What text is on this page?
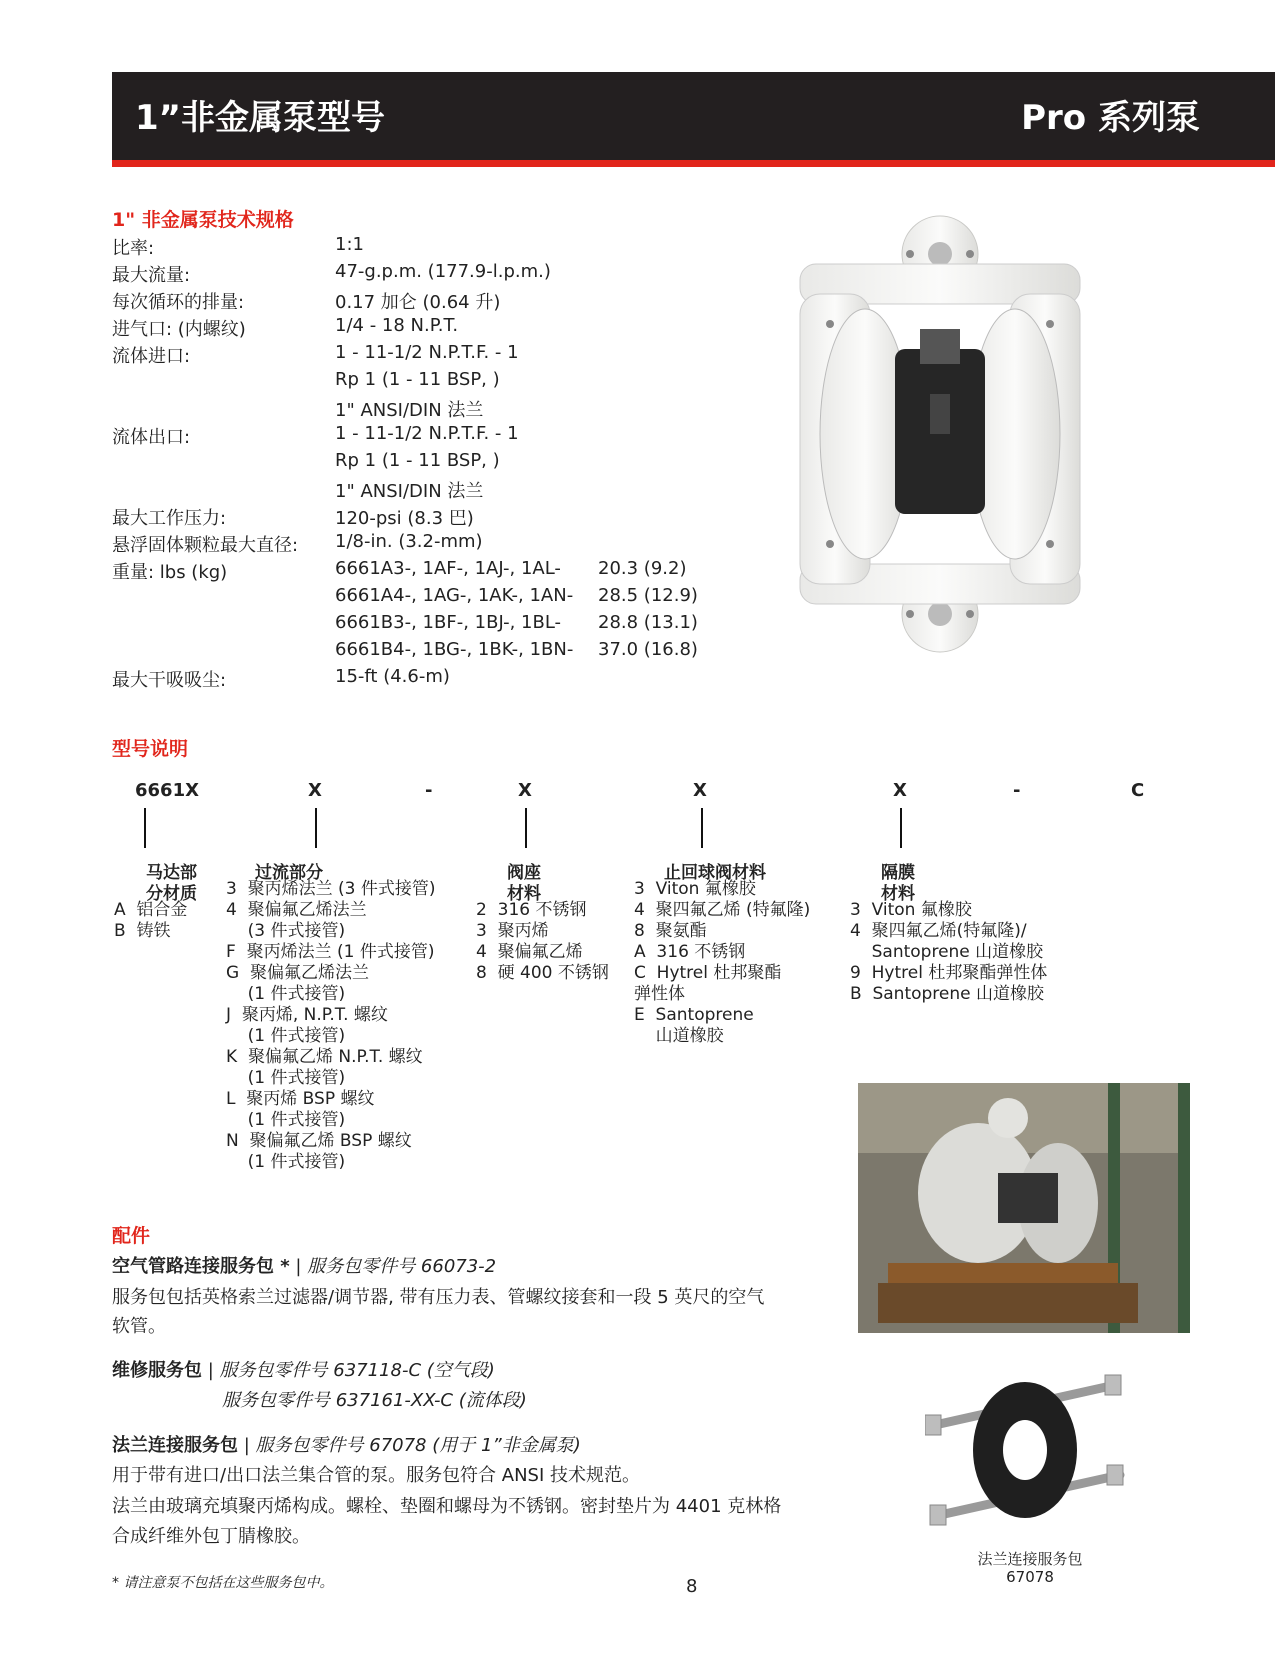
1”非金属泵型号	Pro 系列泵
1" 非金属泵技术规格
比率:	1:1
最大流量:	47-g.p.m. (177.9-l.p.m.)
每次循环的排量:	0.17 加仑 (0.64 升)
进气口: (内螺纹)	1/4 - 18 N.P.T.
流体进口:	1 - 11-1/2 N.P.T.F. - 1
Rp 1 (1 - 11 BSP, )
1" ANSI/DIN 法兰
流体出口:	1 - 11-1/2 N.P.T.F. - 1
Rp 1 (1 - 11 BSP, )
1" ANSI/DIN 法兰
最大工作压力:	120-psi (8.3 巴)
悬浮固体颗粒最大直径: 1/8-in. (3.2-mm)
重量: lbs (kg)	6661A3-, 1AF-, 1AJ-, 1AL- 20.3 (9.2)
6661A4-, 1AG-, 1AK-, 1AN- 28.5 (12.9)
6661B3-, 1BF-, 1BJ-, 1BL- 28.8 (13.1)
6661B4-, 1BG-, 1BK-, 1BN- 37.0 (16.8)
最大干吸吸尘:	15-ft (4.6-m)
型号说明
6661X	X	-	X	X	X	-	C
马达部
分材质
A  铝合金
B  铸铁
过流部分
3  聚丙烯法兰 (3 件式接管)
4  聚偏氟乙烯法兰
(3 件式接管)
F  聚丙烯法兰 (1 件式接管)
G  聚偏氟乙烯法兰
(1 件式接管)
J  聚丙烯, N.P.T. 螺纹
(1 件式接管)
K  聚偏氟乙烯 N.P.T. 螺纹
(1 件式接管)
L  聚丙烯 BSP 螺纹
(1 件式接管)
N  聚偏氟乙烯 BSP 螺纹
(1 件式接管)
阀座
材料
2  316 不锈钢
3  聚丙烯
4  聚偏氟乙烯
8  硬 400 不锈钢
止回球阀材料
3  Viton 氟橡胶
4  聚四氟乙烯 (特氟隆)
8  聚氨酯
A  316 不锈钢
C  Hytrel 杜邦聚酯
弹性体
E  Santoprene
山道橡胶
隔膜
材料
3  Viton 氟橡胶
4  聚四氟乙烯(特氟隆)/
Santoprene 山道橡胶
9  Hytrel 杜邦聚酯弹性体
B  Santoprene 山道橡胶
法兰连接服务包
67078
配件
空气管路连接服务包 * | 服务包零件号 66073-2
服务包包括英格索兰过滤器/调节器, 带有压力表、管螺纹接套和一段 5 英尺的空气
软管。
维修服务包 | 服务包零件号 637118-C (空气段)
服务包零件号 637161-XX-C (流体段)
法兰连接服务包 | 服务包零件号 67078 (用于 1”非金属泵)
用于带有进口/出口法兰集合管的泵。服务包符合 ANSI 技术规范。
法兰由玻璃充填聚丙烯构成。螺栓、垫圈和螺母为不锈钢。密封垫片为 4401 克林格
合成纤维外包丁腈橡胶。
* 请注意泵不包括在这些服务包中。	8
